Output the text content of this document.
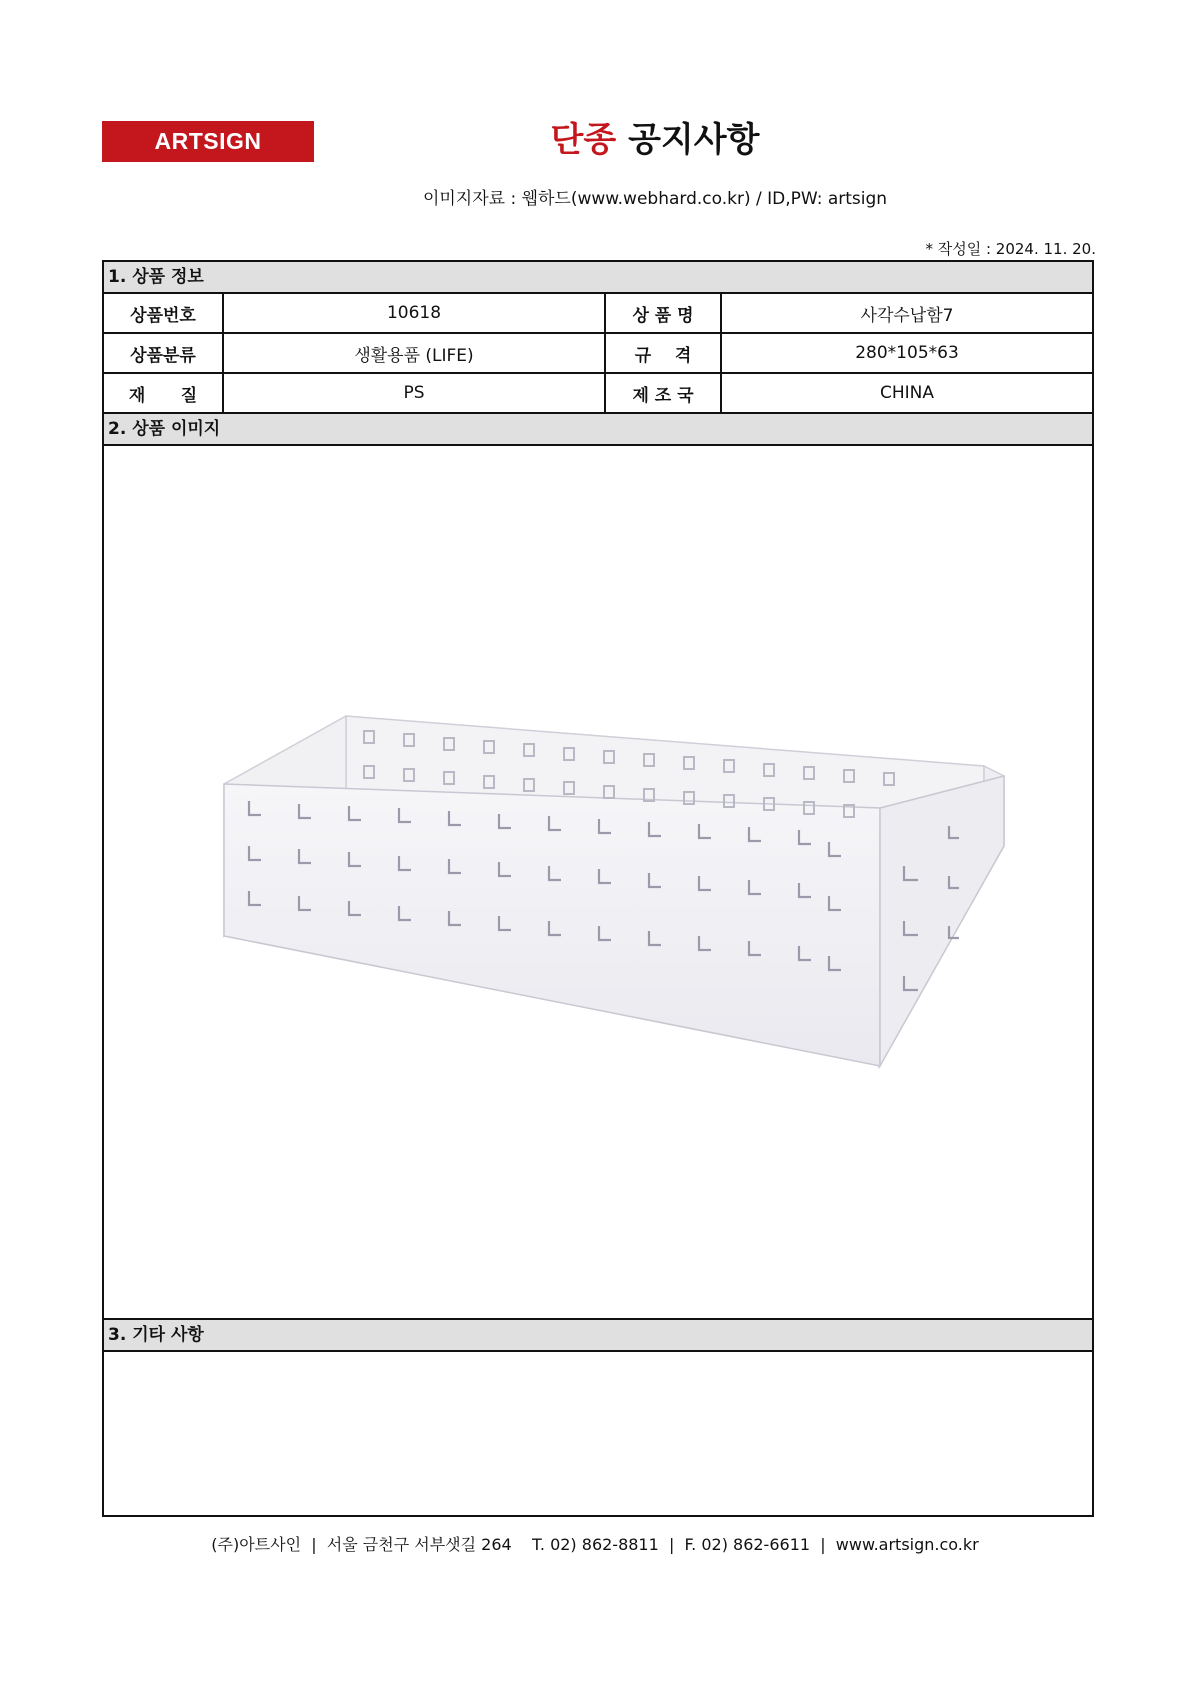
ARTSIGN	단종 공지사항
이미지자료 : 웹하드(www.webhard.co.kr) / ID,PW: artsign
* 작성일 : 2024. 11. 20.
1. 상품 정보
상품번호	10618	상 품 명	사각수납함7
상품분류	생활용품 (LIFE)	규    격	280*105*63
재      질	PS	제 조 국	CHINA
2. 상품 이미지
3. 기타 사항
(주)아트사인  |  서울 금천구 서부샛길 264    T. 02) 862-8811  |  F. 02) 862-6611  |  www.artsign.co.kr
